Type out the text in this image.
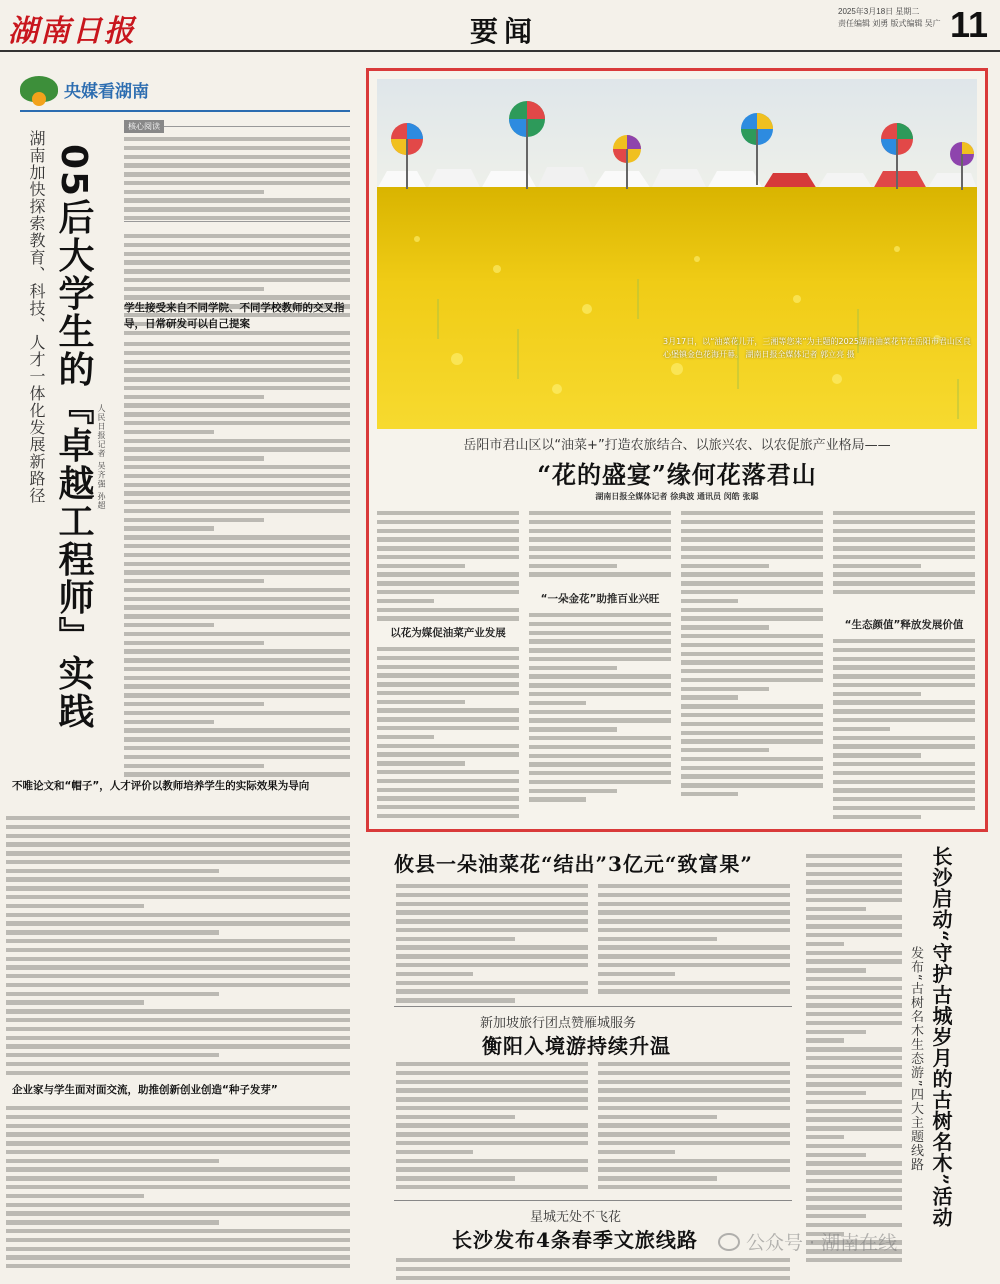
湖南日报	要闻
2025年3月18日 星期二
责任编辑 刘勇 版式编辑 吴广 11
央媒看湖南
湖南加快探索教育、科技、人才一体化发展新路径 05后大学生的『卓越工程师』实践 人民日报记者 吴齐强 孙超
核心阅读
学生接受来自不同学院、不同学校教师的交叉指导，日常研发可以自己提案
不唯论文和“帽子”，人才评价以教师培养学生的实际效果为导向
企业家与学生面对面交流，助推创新创业创造“种子发芽”
3月17日，以“油菜花儿开，三湘等您来”为主题的2025湖南油菜花节在岳阳市君山区良心堡镇金色花海开幕。 湖南日报全媒体记者 郭立亮 摄
岳阳市君山区以“油菜+”打造农旅结合、以旅兴农、以农促旅产业格局——
“花的盛宴”缘何花落君山
湖南日报全媒体记者 徐典波 通讯员 闵皓 张聪
以花为媒促油菜产业发展
“一朵金花”助推百业兴旺
“生态颜值”释放发展价值
攸县一朵油菜花“结出”3亿元“致富果”
新加坡旅行团点赞雁城服务
衡阳入境游持续升温
星城无处不飞花
长沙发布4条春季文旅线路
发布“古树名木生态游”四大主题线路 长沙启动“守护古城岁月的古树名木”活动
公众号 · 湖南在线
